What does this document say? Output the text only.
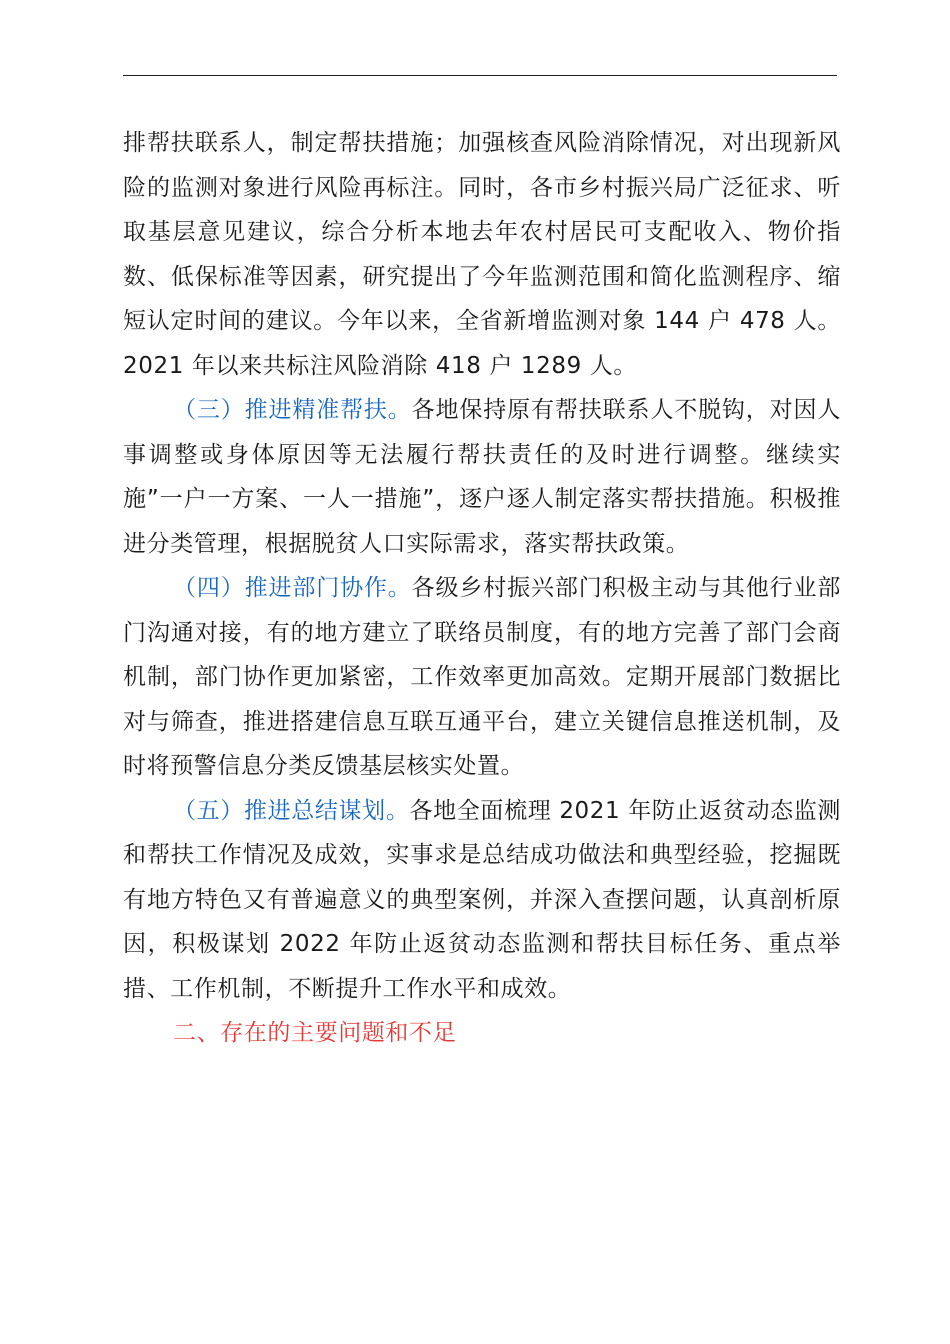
排帮扶联系人，制定帮扶措施；加强核查风险消除情况，对出现新风险的监测对象进行风险再标注。同时，各市乡村振兴局广泛征求、听取基层意见建议，综合分析本地去年农村居民可支配收入、物价指数、低保标准等因素，研究提出了今年监测范围和简化监测程序、缩短认定时间的建议。今年以来，全省新增监测对象 144 户 478 人。2021 年以来共标注风险消除 418 户 1289 人。

（三）推进精准帮扶。各地保持原有帮扶联系人不脱钩，对因人事调整或身体原因等无法履行帮扶责任的及时进行调整。继续实施”一户一方案、一人一措施”，逐户逐人制定落实帮扶措施。积极推进分类管理，根据脱贫人口实际需求，落实帮扶政策。

（四）推进部门协作。各级乡村振兴部门积极主动与其他行业部门沟通对接，有的地方建立了联络员制度，有的地方完善了部门会商机制，部门协作更加紧密，工作效率更加高效。定期开展部门数据比对与筛查，推进搭建信息互联互通平台，建立关键信息推送机制，及时将预警信息分类反馈基层核实处置。

（五）推进总结谋划。各地全面梳理 2021 年防止返贫动态监测和帮扶工作情况及成效，实事求是总结成功做法和典型经验，挖掘既有地方特色又有普遍意义的典型案例，并深入查摆问题，认真剖析原因，积极谋划 2022 年防止返贫动态监测和帮扶目标任务、重点举措、工作机制，不断提升工作水平和成效。

二、存在的主要问题和不足
